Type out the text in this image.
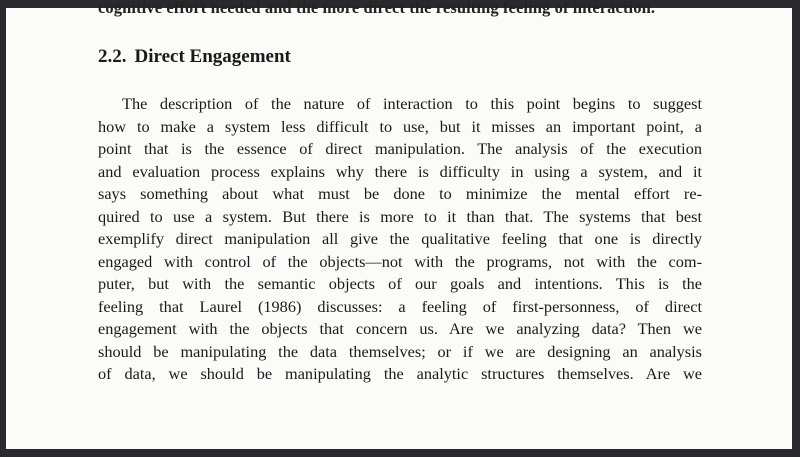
cognitive effort needed and the more direct the resulting feeling of interaction.

2.2. Direct Engagement
The description of the nature of interaction to this point begins to suggest
how to make a system less difficult to use, but it misses an important point, a
point that is the essence of direct manipulation. The analysis of the execution
and evaluation process explains why there is difficulty in using a system, and it
says something about what must be done to minimize the mental effort re-
quired to use a system. But there is more to it than that. The systems that best
exemplify direct manipulation all give the qualitative feeling that one is directly
engaged with control of the objects—not with the programs, not with the com-
puter, but with the semantic objects of our goals and intentions. This is the
feeling that Laurel (1986) discusses: a feeling of first-personness, of direct
engagement with the objects that concern us. Are we analyzing data? Then we
should be manipulating the data themselves; or if we are designing an analysis
of data, we should be manipulating the analytic structures themselves. Are we
